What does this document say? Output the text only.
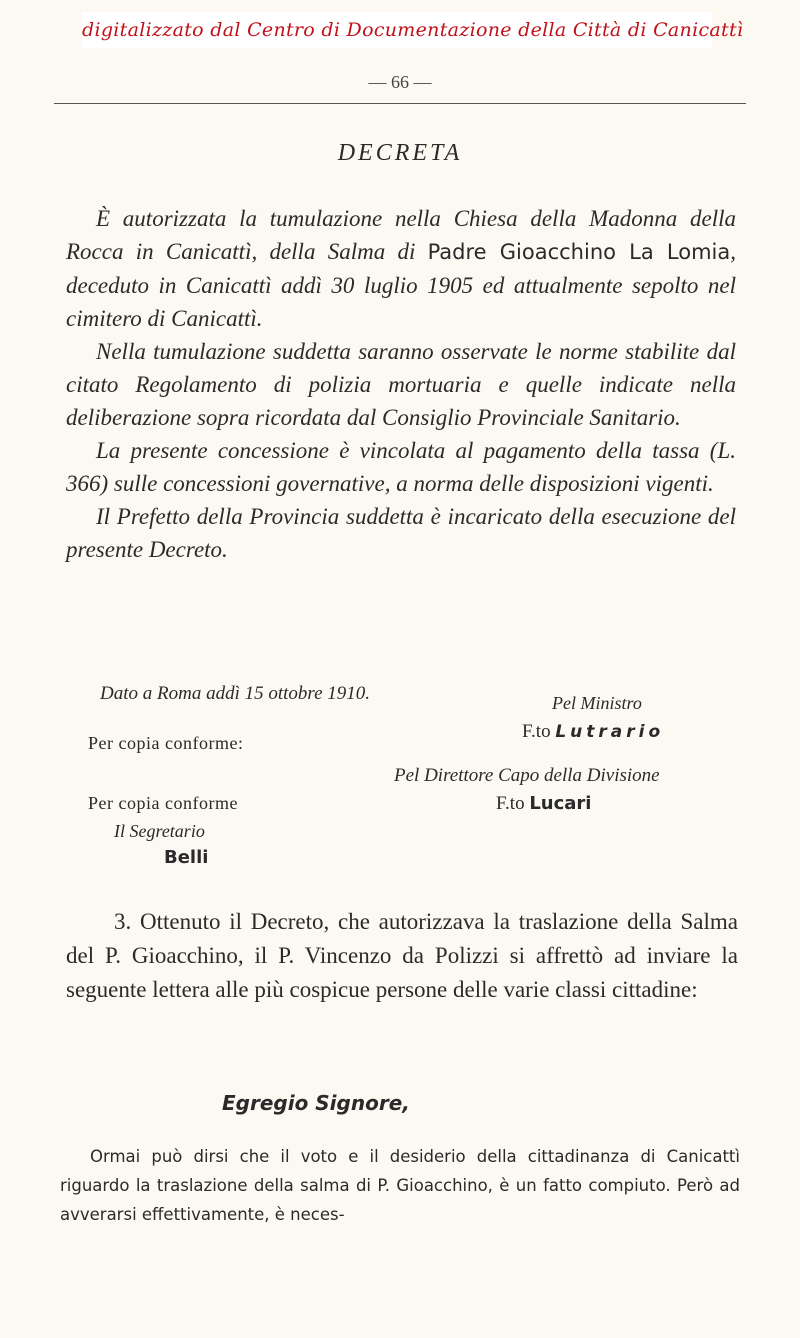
digitalizzato dal Centro di Documentazione della Città di Canicattì
— 66 —
DECRETA

È autorizzata la tumulazione nella Chiesa della Madonna della Rocca in Canicattì, della Salma di Padre Gioacchino La Lomia, deceduto in Canicattì addì 30 luglio 1905 ed attualmente sepolto nel cimitero di Canicattì.

Nella tumulazione suddetta saranno osservate le norme stabilite dal citato Regolamento di polizia mortuaria e quelle indicate nella deliberazione sopra ricordata dal Consiglio Provinciale Sanitario.

La presente concessione è vincolata al pagamento della tassa (L. 366) sulle concessioni governative, a norma delle disposizioni vigenti.

Il Prefetto della Provincia suddetta è incaricato della esecuzione del presente Decreto.

Dato a Roma addì 15 ottobre 1910.
Per copia conforme:
Pel Ministro
F.to Lutrario
Pel Direttore Capo della Divisione
Per copia conforme	F.to Lucari
Il Segretario
Belli

3. Ottenuto il Decreto, che autorizzava la traslazione della Salma del P. Gioacchino, il P. Vincenzo da Polizzi si affrettò ad inviare la seguente lettera alle più cospicue persone delle varie classi cittadine:

Egregio Signore,

Ormai può dirsi che il voto e il desiderio della cittadinanza di Canicattì riguardo la traslazione della salma di P. Gioacchino, è un fatto compiuto. Però ad avverarsi effettivamente, è neces-
